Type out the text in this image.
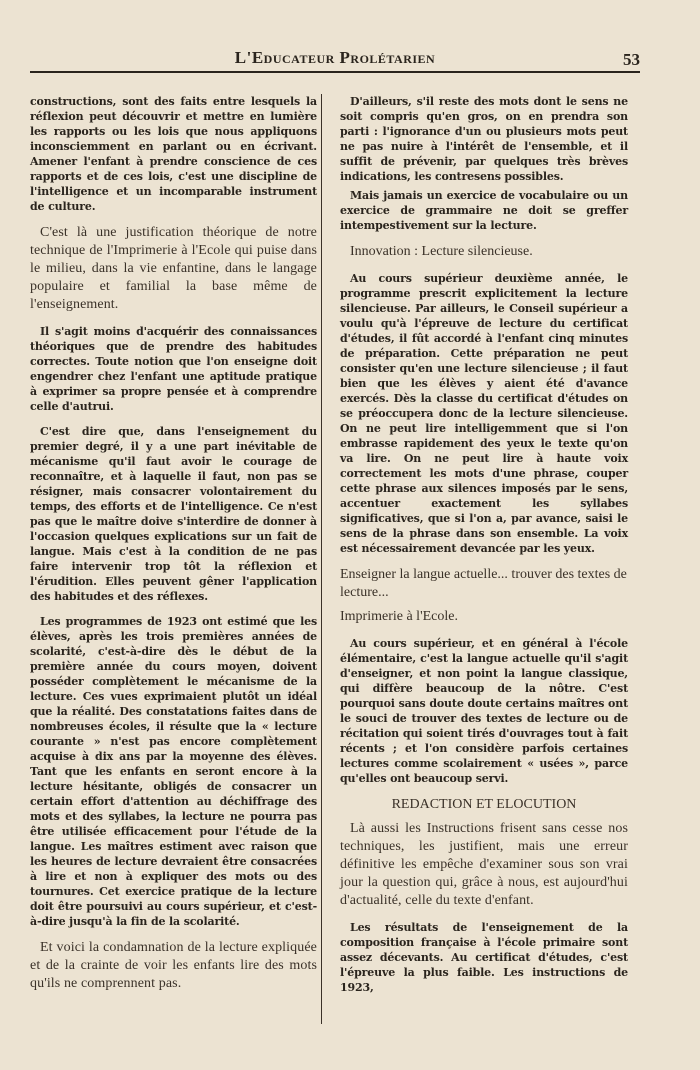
L'Educateur Prolétarien	53

constructions, sont des faits entre lesquels la réflexion peut découvrir et mettre en lumière les rapports ou les lois que nous appliquons inconsciemment en parlant ou en écrivant. Amener l'enfant à prendre conscience de ces rapports et de ces lois, c'est une discipline de l'intelligence et un incomparable instrument de culture.

C'est là une justification théorique de notre technique de l'Imprimerie à l'Ecole qui puise dans le milieu, dans la vie enfantine, dans le langage populaire et familial la base même de l'enseignement.

Il s'agit moins d'acquérir des connaissances théoriques que de prendre des habitudes correctes. Toute notion que l'on enseigne doit engendrer chez l'enfant une aptitude pratique à exprimer sa propre pensée et à comprendre celle d'autrui.

C'est dire que, dans l'enseignement du premier degré, il y a une part inévitable de mécanisme qu'il faut avoir le courage de reconnaître, et à laquelle il faut, non pas se résigner, mais consacrer volontairement du temps, des efforts et de l'intelligence. Ce n'est pas que le maître doive s'interdire de donner à l'occasion quelques explications sur un fait de langue. Mais c'est à la condition de ne pas faire intervenir trop tôt la réflexion et l'érudition. Elles peuvent gêner l'application des habitudes et des réflexes.

Les programmes de 1923 ont estimé que les élèves, après les trois premières années de scolarité, c'est-à-dire dès le début de la première année du cours moyen, doivent posséder complètement le mécanisme de la lecture. Ces vues exprimaient plutôt un idéal que la réalité. Des constatations faites dans de nombreuses écoles, il résulte que la « lecture courante » n'est pas encore complètement acquise à dix ans par la moyenne des élèves. Tant que les enfants en seront encore à la lecture hésitante, obligés de consacrer un certain effort d'attention au déchiffrage des mots et des syllabes, la lecture ne pourra pas être utilisée efficacement pour l'étude de la langue. Les maîtres estiment avec raison que les heures de lecture devraient être consacrées à lire et non à expliquer des mots ou des tournures. Cet exercice pratique de la lecture doit être poursuivi au cours supérieur, et c'est-à-dire jusqu'à la fin de la scolarité.

Et voici la condamnation de la lecture expliquée et de la crainte de voir les enfants lire des mots qu'ils ne comprennent pas.

D'ailleurs, s'il reste des mots dont le sens ne soit compris qu'en gros, on en prendra son parti : l'ignorance d'un ou plusieurs mots peut ne pas nuire à l'intérêt de l'ensemble, et il suffit de prévenir, par quelques très brèves indications, les contresens possibles.

Mais jamais un exercice de vocabulaire ou un exercice de grammaire ne doit se greffer intempestivement sur la lecture.

Innovation : Lecture silencieuse.

Au cours supérieur deuxième année, le programme prescrit explicitement la lecture silencieuse. Par ailleurs, le Conseil supérieur a voulu qu'à l'épreuve de lecture du certificat d'études, il fût accordé à l'enfant cinq minutes de préparation. Cette préparation ne peut consister qu'en une lecture silencieuse ; il faut bien que les élèves y aient été d'avance exercés. Dès la classe du certificat d'études on se préoccupera donc de la lecture silencieuse. On ne peut lire intelligemment que si l'on embrasse rapidement des yeux le texte qu'on va lire. On ne peut lire à haute voix correctement les mots d'une phrase, couper cette phrase aux silences imposés par le sens, accentuer exactement les syllabes significatives, que si l'on a, par avance, saisi le sens de la phrase dans son ensemble. La voix est nécessairement devancée par les yeux.

Enseigner la langue actuelle... trouver des textes de lecture...

Imprimerie à l'Ecole.

Au cours supérieur, et en général à l'école élémentaire, c'est la langue actuelle qu'il s'agit d'enseigner, et non point la langue classique, qui diffère beaucoup de la nôtre. C'est pourquoi sans doute doute certains maîtres ont le souci de trouver des textes de lecture ou de récitation qui soient tirés d'ouvrages tout à fait récents ; et l'on considère parfois certaines lectures comme scolairement « usées », parce qu'elles ont beaucoup servi.

REDACTION ET ELOCUTION

Là aussi les Instructions frisent sans cesse nos techniques, les justifient, mais une erreur définitive les empêche d'examiner sous son vrai jour la question qui, grâce à nous, est aujourd'hui d'actualité, celle du texte d'enfant.

Les résultats de l'enseignement de la composition française à l'école primaire sont assez décevants. Au certificat d'études, c'est l'épreuve la plus faible. Les instructions de 1923,
